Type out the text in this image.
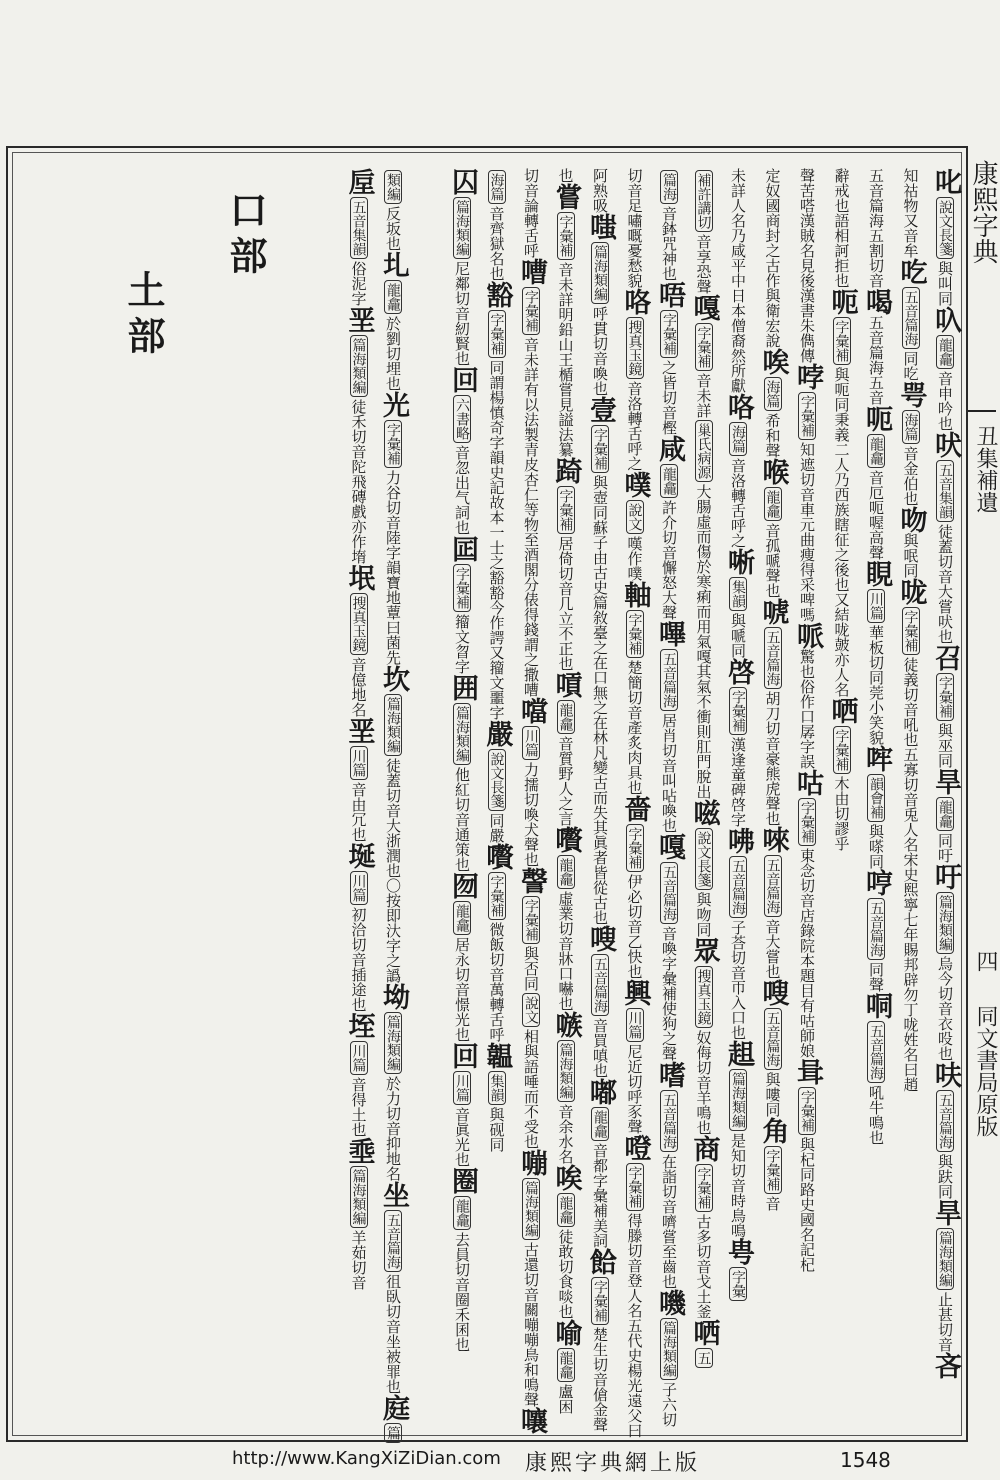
康熙字典
丑集補遺
四
同文書局原版
叱說文長箋與叫同叺龍龕音申吟也吠五音集韻徒蓋切音大嘗吠也召字彙補與巫同旱龍龕同吁吁篇海類編烏今切音衣吺也呋五音篇海與趺同旱篇海類編止甚切音吝
知祜物又音牟吃五音篇海同吃咢海篇音金伯也吻與呡同咙字彙補徒義切音吼也五寡切音兎人名宋史熙寧七年賜邦辟勿丁咙姓名曰趙
五音篇海五割切音喝五音篇海五音呃龍龕音厄呃喔高聲睍川篇華板切同莞小笑貌哰韻會補與嗏同哼五音篇海同聲哃五音篇海吼牛鳴也
辭戒也語相訶拒也呃字彙補與呃同秉義二人乃西族瞎征之後也又結咙皷亦人名哂字彙補木由切謬乎
聲苦嗒漢賊名見後漢書朱儁傳哱字彙補知遮切音車元曲痩得采啤嗎哌驚也俗作口孱字誤咕字彙補東念切音店錄院本題目有咕師娘咠字彙補與杞同路史國名記杞
定奴國商封之古作與衛宏說唉海篇希和聲喉龍龕音孤嗁聲也唬五音篇海胡刀切音豪熊虎聲也唻五音篇海音大嘗也嗖五音篇海與嘍同角字彙補音
未詳人名乃咸平中日本僧裔然所獻咯海篇音洛轉舌呼之唽集韻與嗁同啓字彙補漢逢童碑啓字咈五音篇海子荅切音帀入口也趄篇海類編是知切音時鳥鳴甹字彙
補許講切音享恐聲嘎字彙補音未詳巢氏病源大腸虛而傷於寒痢而用氣嘎其氣不衝則肛門脫出嗞說文長箋與吻同眾搜真玉鏡奴侮切音羊鳴也商字彙補古多切音戈土釜哂五
篇海音鉢咒神也唔字彙補之皆切音樫咸龍龕許介切音懈怒大聲嗶五音篇海居肖切音叫呫喚也嘎五音篇海音喚字彙補使狗之聲嗜五音篇海在詣切音嚌嘗至齒也嘰篇海類編子六切
切音足嘯嘅憂愁貌咯搜真玉鏡音洛轉舌呼之噗說文嘆作噗軸字彙補楚簡切音產炙肉具也嗇字彙補伊必切音乙快也興川篇尼近切呼豕聲噔字彙補得滕切音登人名五代史楊光遠父曰
阿熟吸嗤篇海類編呼貫切音喚也壹字彙補與壺同蘇子由古史篇敘臺之在口無之在林凡變古而失其眞者皆從古也嗖五音篇海音買嗔也嘟龍龕音都字彙補美詞餄字彙補楚生切音傖金聲
也嘗字彙補音未詳明鉛山王楯嘗見謚法纂踦字彙補居倚切音几立不正也嗊龍龕音質野人之言嚽龍龕虛業切音牀口嚇也嗾篇海類編音余水名唉龍龕徒敢切食啖也喻龍龕盧困
切音論轉舌呼嘈字彙補音未詳有以法製青皮杏仁等物至酒閣分俵得錢謂之撒嘈噹川篇力擩切喚犬聲也謦字彙補與否同說文相與語唾而不受也嘣篇海類編古還切音關嘣嘣鳥和鳴聲嚷
海篇音齊獄名也豁字彙補同謂楊慎奇字韻史記故本一士之豁豁今作諤又籀文噩字嚴說文長箋同嚴嚽字彙補微飯切音萬轉舌呼韞集韻與砚同
囚篇海類編尼鄰切音紉賢也回六書略音忽出气詞也囸字彙補籀文曶字囲篇海類編他紅切音通策也囫龍龕居永切音憬光也回川篇音眞光也圈龍龕去員切音圈禾囷也
類編反坂也圠龍龕於劉切埋也光字彙補力谷切音陸字韻寶地蕈曰菌先坎篇海類編徒蓋切音大浙潤也〇按即汏字之譌坳篇海類編於力切音抑地名坐五音篇海徂臥切音坐被罪也庭篇
垕五音集韻俗泥字垩篇海類編徒禾切音陀飛磚戲亦作堶垊搜真玉鏡音億地名垩川篇音由冗也埏川篇初洽切音插途也垤川篇音得土也埀篇海類編羊茹切音
口部
土部
http://www.KangXiZiDian.com 康熙字典網上版	1548
